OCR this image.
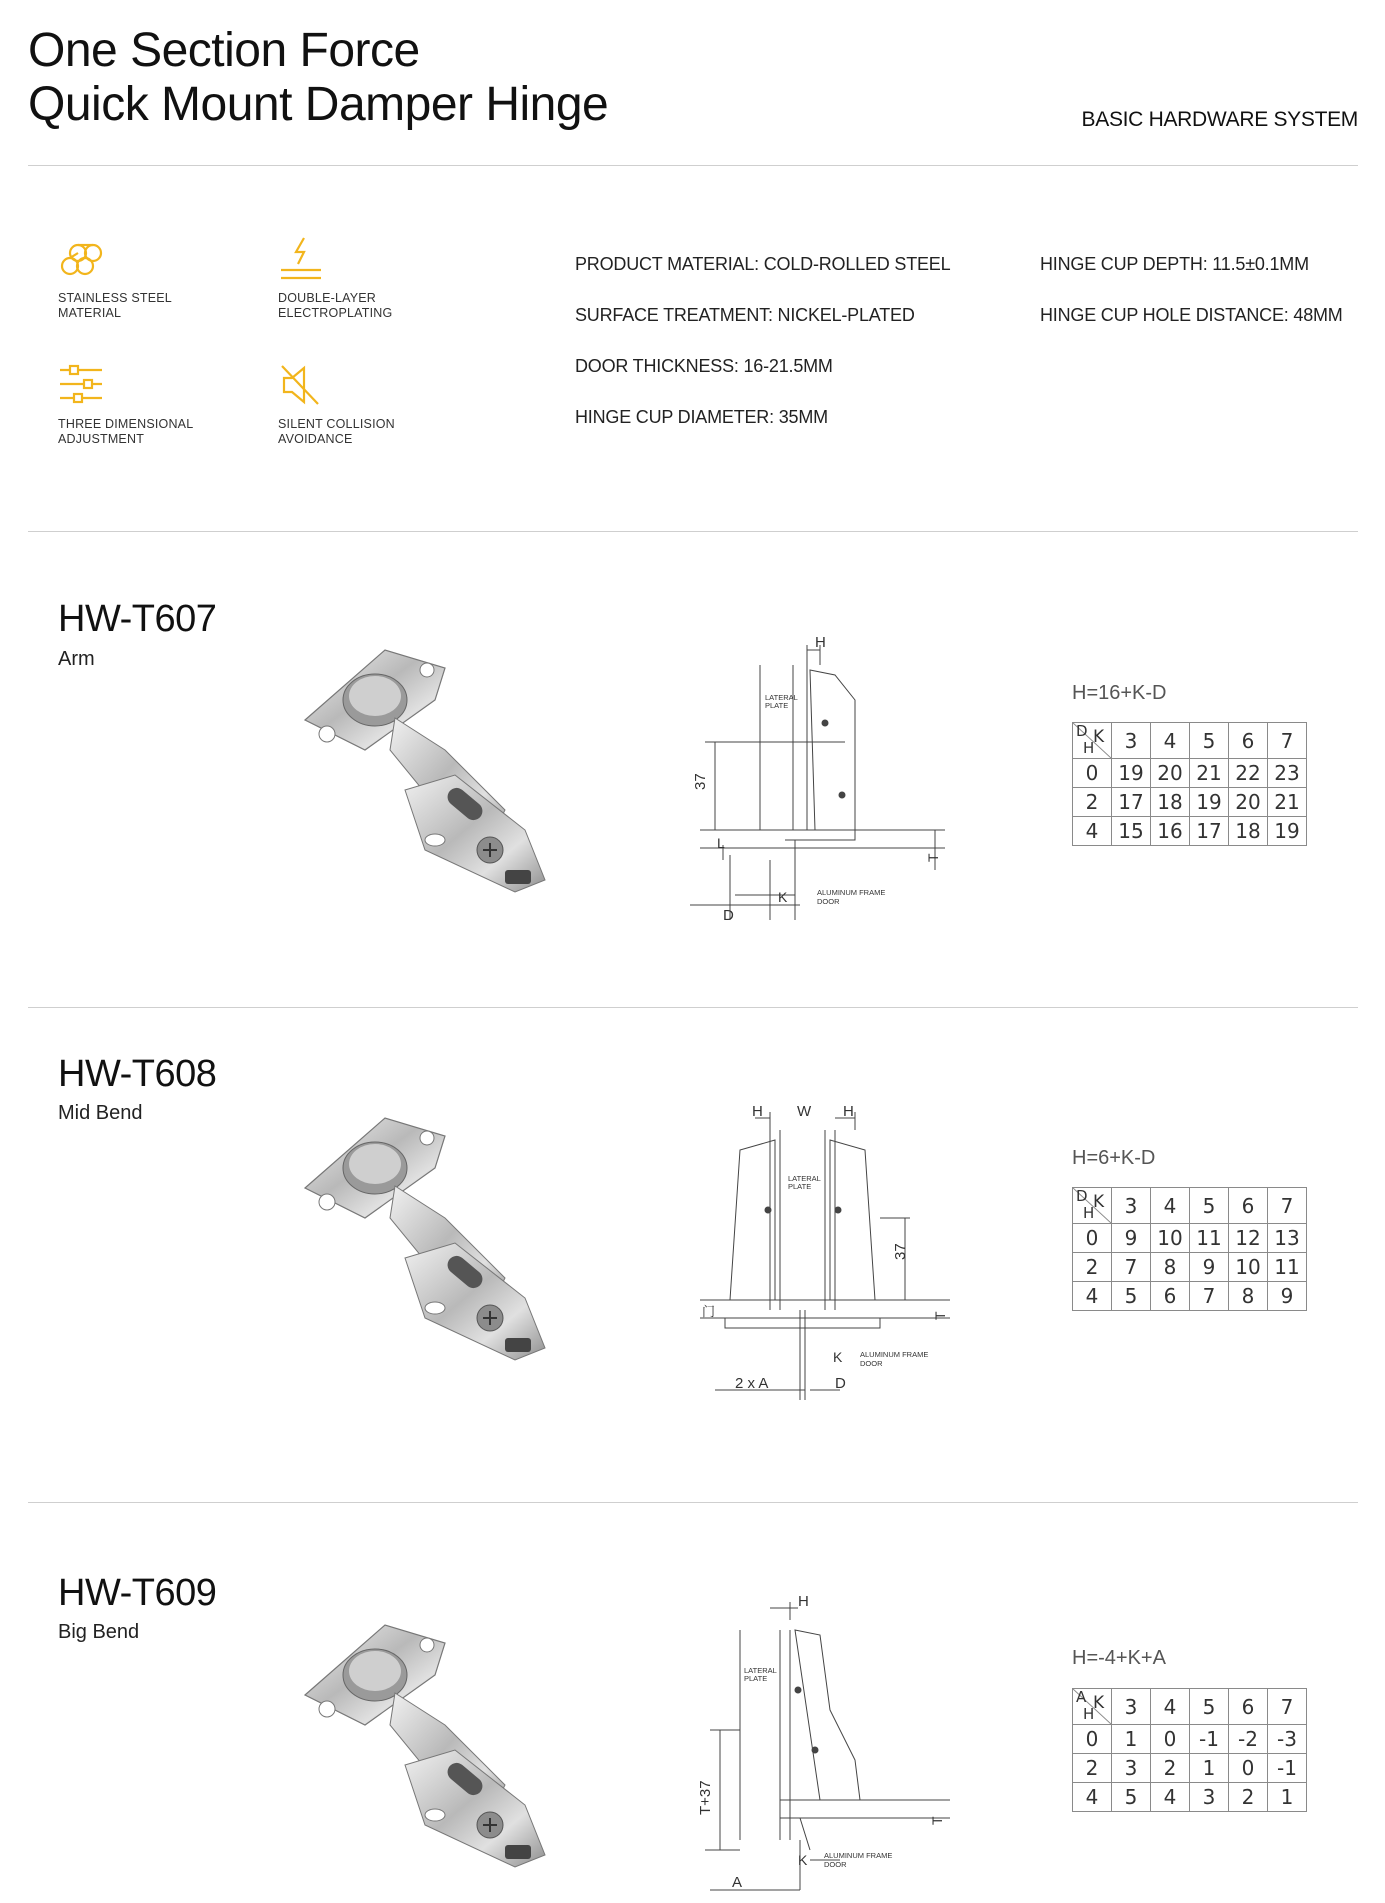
One Section Force
Quick Mount Damper Hinge	BASIC HARDWARE SYSTEM
STAINLESS STEEL
MATERIAL
DOUBLE-LAYER
ELECTROPLATING
THREE DIMENSIONAL
ADJUSTMENT
SILENT COLLISION
AVOIDANCE
PRODUCT MATERIAL: COLD-ROLLED STEEL
SURFACE TREATMENT: NICKEL-PLATED
DOOR THICKNESS: 16-21.5MM
HINGE CUP DIAMETER: 35MM
HINGE CUP DEPTH: 11.5±0.1MM
HINGE CUP HOLE DISTANCE: 48MM
HW-T607
Arm
H
LATERAL
PLATE
37
L
T
K	ALUMINUM FRAME
DOOR
D
H=16+K-D
D K
H	3	4	5	6	7
0	19	20	21	22	23
2	17	18	19	20	21
4	15	16	17	18	19
HW-T608
Mid Bend	H W H
LATERAL
PLATE
37
门	T
K ALUMINUM FRAME
DOOR
2 x A	D
H=6+K-D
D K
H	3	4	5	6	7
0	9	10	11	12	13
2	7	8	9	10	11
4	5	6	7	8	9
HW-T609
Big Bend
H
LATERAL
PLATE
T+37
T
K ALUMINUM FRAME
DOOR
A
H=-4+K+A
A K
H	3	4	5	6	7
0	1	0	-1	-2	-3
2	3	2	1	0	-1
4	5	4	3	2	1
